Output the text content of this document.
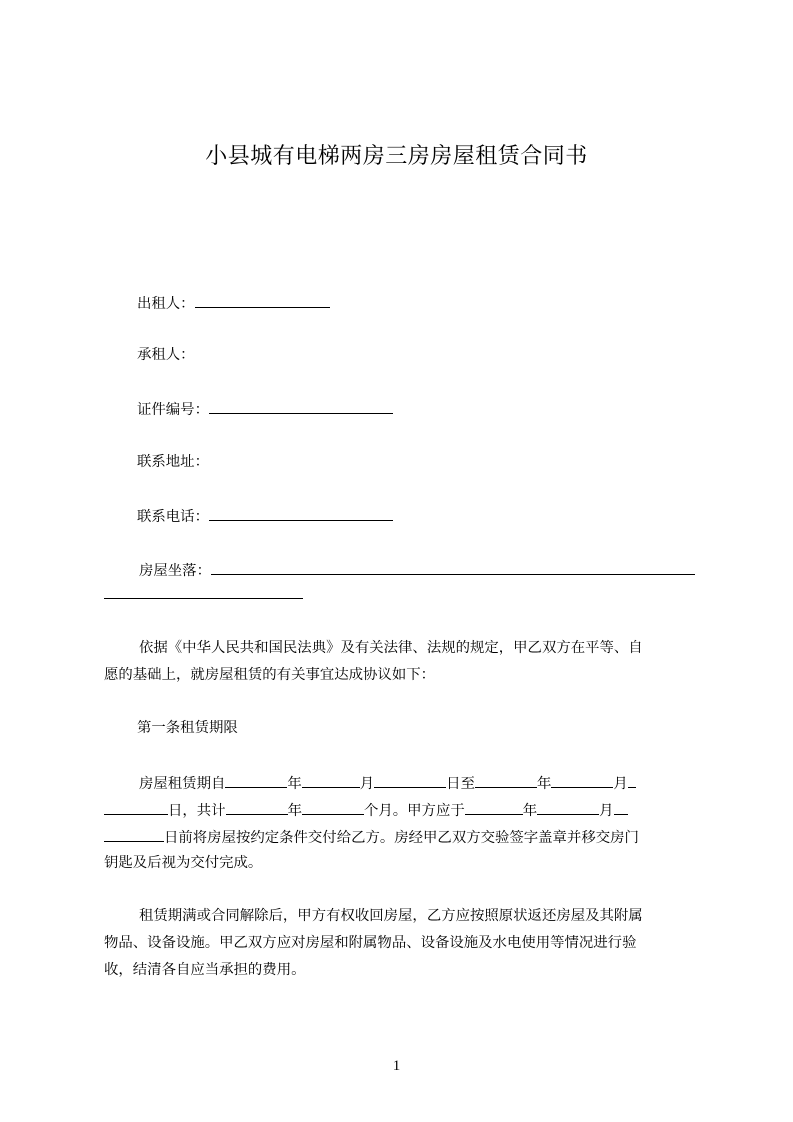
小县城有电梯两房三房房屋租赁合同书
出租人：
承租人：
证件编号：
联系地址：
联系电话：
房屋坐落：
依据《中华人民共和国民法典》及有关法律、法规的规定，甲乙双方在平等、自
愿的基础上，就房屋租赁的有关事宜达成协议如下：
第一条租赁期限
房屋租赁期自	年	月	日至	年	月
日，共计	年	个月。甲方应于	年	月
日前将房屋按约定条件交付给乙方。房经甲乙双方交验签字盖章并移交房门
钥匙及后视为交付完成。
租赁期满或合同解除后，甲方有权收回房屋，乙方应按照原状返还房屋及其附属
物品、设备设施。甲乙双方应对房屋和附属物品、设备设施及水电使用等情况进行验
收，结清各自应当承担的费用。
1
